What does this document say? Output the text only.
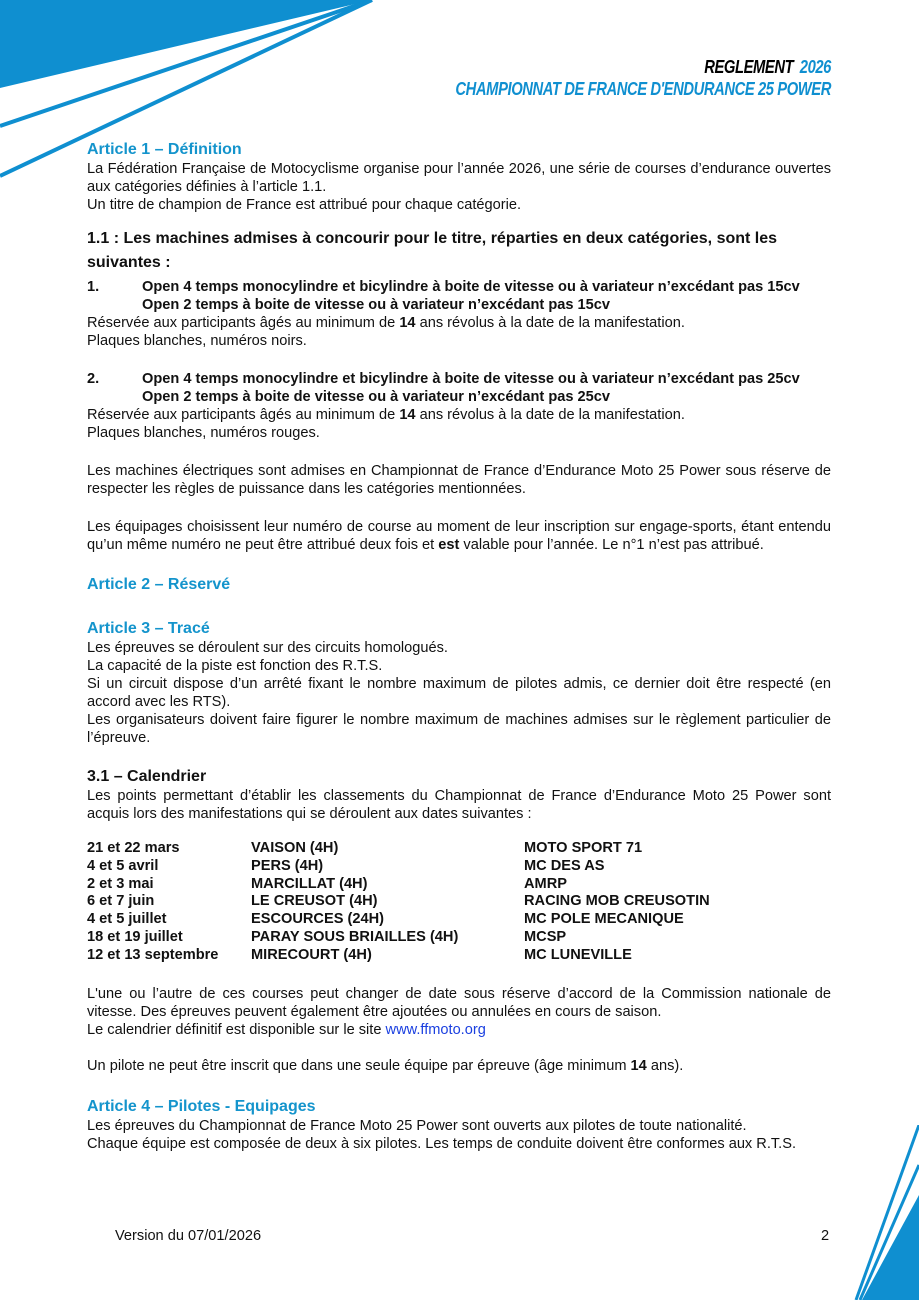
REGLEMENT 2026
CHAMPIONNAT DE FRANCE D'ENDURANCE 25 POWER
Article 1 – Définition

La Fédération Française de Motocyclisme organise pour l’année 2026, une série de courses d’endurance ouvertes aux catégories définies à l’article 1.1.

Un titre de champion de France est attribué pour chaque catégorie.

1.1 : Les machines admises à concourir pour le titre, réparties en deux catégories, sont les suivantes :

1.	Open 4 temps monocylindre et bicylindre à boite de vitesse ou à variateur n’excédant pas 15cv
Open 2 temps à boite de vitesse ou à variateur n’excédant pas 15cv

Réservée aux participants âgés au minimum de 14 ans révolus à la date de la manifestation.

Plaques blanches, numéros noirs.

2.	Open 4 temps monocylindre et bicylindre à boite de vitesse ou à variateur n’excédant pas 25cv
Open 2 temps à boite de vitesse ou à variateur n’excédant pas 25cv

Réservée aux participants âgés au minimum de 14 ans révolus à la date de la manifestation.

Plaques blanches, numéros rouges.

Les machines électriques sont admises en Championnat de France d’Endurance Moto 25 Power sous réserve de respecter les règles de puissance dans les catégories mentionnées.

Les équipages choisissent leur numéro de course au moment de leur inscription sur engage-sports, étant entendu qu’un même numéro ne peut être attribué deux fois et est valable pour l’année. Le n°1 n’est pas attribué.

Article 2 – Réservé
Article 3 – Tracé

Les épreuves se déroulent sur des circuits homologués.

La capacité de la piste est fonction des R.T.S.

Si un circuit dispose d’un arrêté fixant le nombre maximum de pilotes admis, ce dernier doit être respecté (en accord avec les RTS).

Les organisateurs doivent faire figurer le nombre maximum de machines admises sur le règlement particulier de l’épreuve.

3.1 – Calendrier

Les points permettant d’établir les classements du Championnat de France d’Endurance Moto 25 Power sont acquis lors des manifestations qui se déroulent aux dates suivantes :

21 et 22 mars	VAISON (4H)	MOTO SPORT 71
4 et 5 avril	PERS (4H)	MC DES AS
2 et 3 mai	MARCILLAT (4H)	AMRP
6 et 7 juin	LE CREUSOT (4H)	RACING MOB CREUSOTIN
4 et 5 juillet	ESCOURCES (24H)	MC POLE MECANIQUE
18 et 19 juillet	PARAY SOUS BRIAILLES (4H)	MCSP
12 et 13 septembre	MIRECOURT (4H)	MC LUNEVILLE

L'une ou l’autre de ces courses peut changer de date sous réserve d’accord de la Commission nationale de vitesse. Des épreuves peuvent également être ajoutées ou annulées en cours de saison.

Le calendrier définitif est disponible sur le site www.ffmoto.org

Un pilote ne peut être inscrit que dans une seule équipe par épreuve (âge minimum 14 ans).

Article 4 – Pilotes - Equipages

Les épreuves du Championnat de France Moto 25 Power sont ouverts aux pilotes de toute nationalité.

Chaque équipe est composée de deux à six pilotes. Les temps de conduite doivent être conformes aux R.T.S.

Version du 07/01/2026	2
